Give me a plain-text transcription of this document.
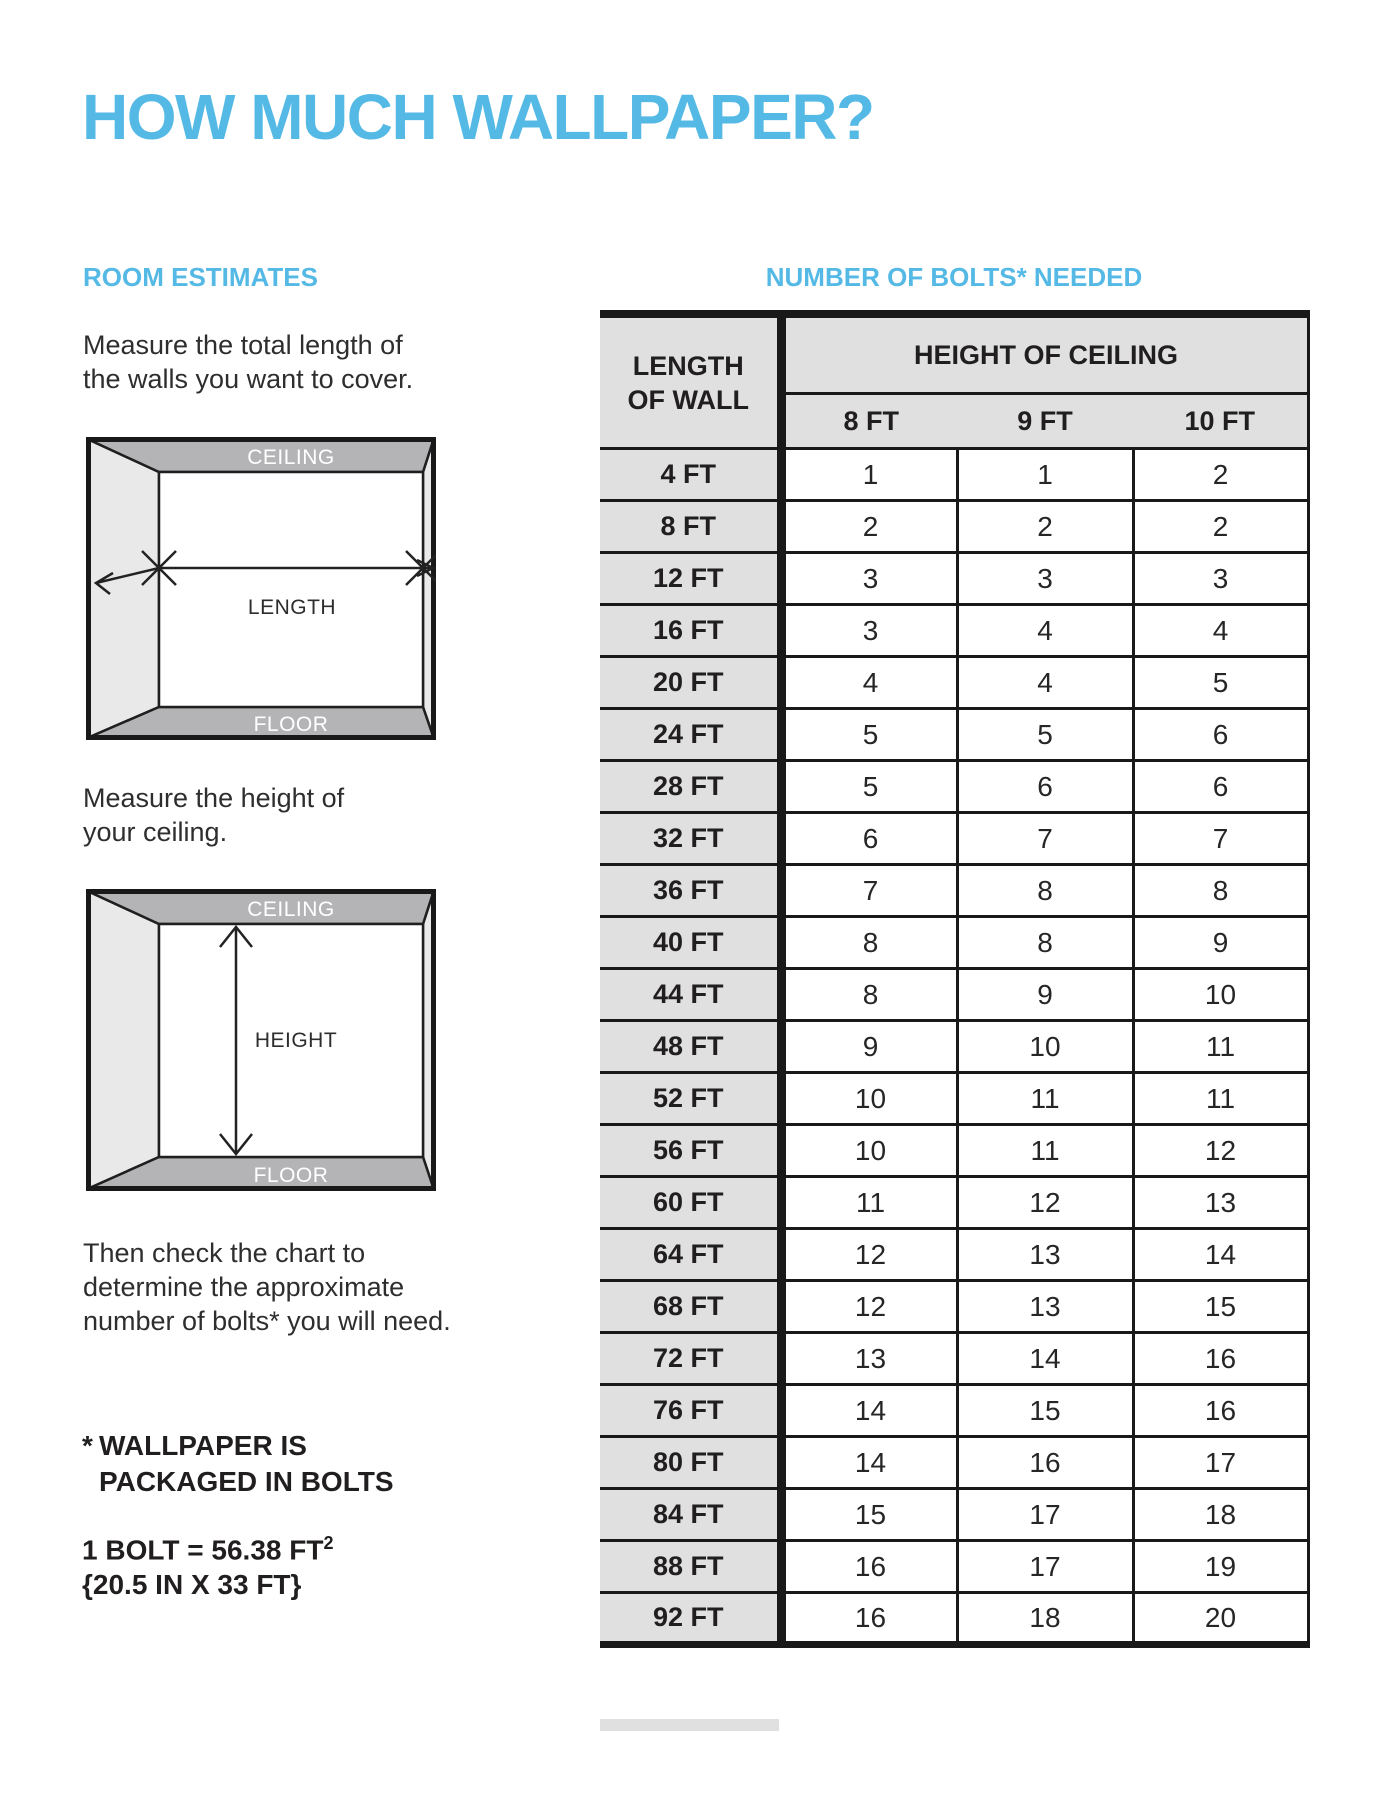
HOW MUCH WALLPAPER?
ROOM ESTIMATES	NUMBER OF BOLTS* NEEDED
Measure the total length of
the walls you want to cover.
CEILING
LENGTH
FLOOR
Measure the height of
your ceiling.
CEILING
HEIGHT
FLOOR
Then check the chart to
determine the approximate
number of bolts* you will need.
* WALLPAPER IS
PACKAGED IN BOLTS
1 BOLT = 56.38 $FT^2$
{20.5 IN X 33 FT}
LENGTH
OF WALL	HEIGHT OF CEILING		
	8 FT	9 FT	10 FT
4 FT	1	1	2
8 FT	2	2	2
12 FT	3	3	3
16 FT	3	4	4
20 FT	4	4	5
24 FT	5	5	6
28 FT	5	6	6
32 FT	6	7	7
36 FT	7	8	8
40 FT	8	8	9
44 FT	8	9	10
48 FT	9	10	11
52 FT	10	11	11
56 FT	10	11	12
60 FT	11	12	13
64 FT	12	13	14
68 FT	12	13	15
72 FT	13	14	16
76 FT	14	15	16
80 FT	14	16	17
84 FT	15	17	18
88 FT	16	17	19
92 FT	16	18	20
